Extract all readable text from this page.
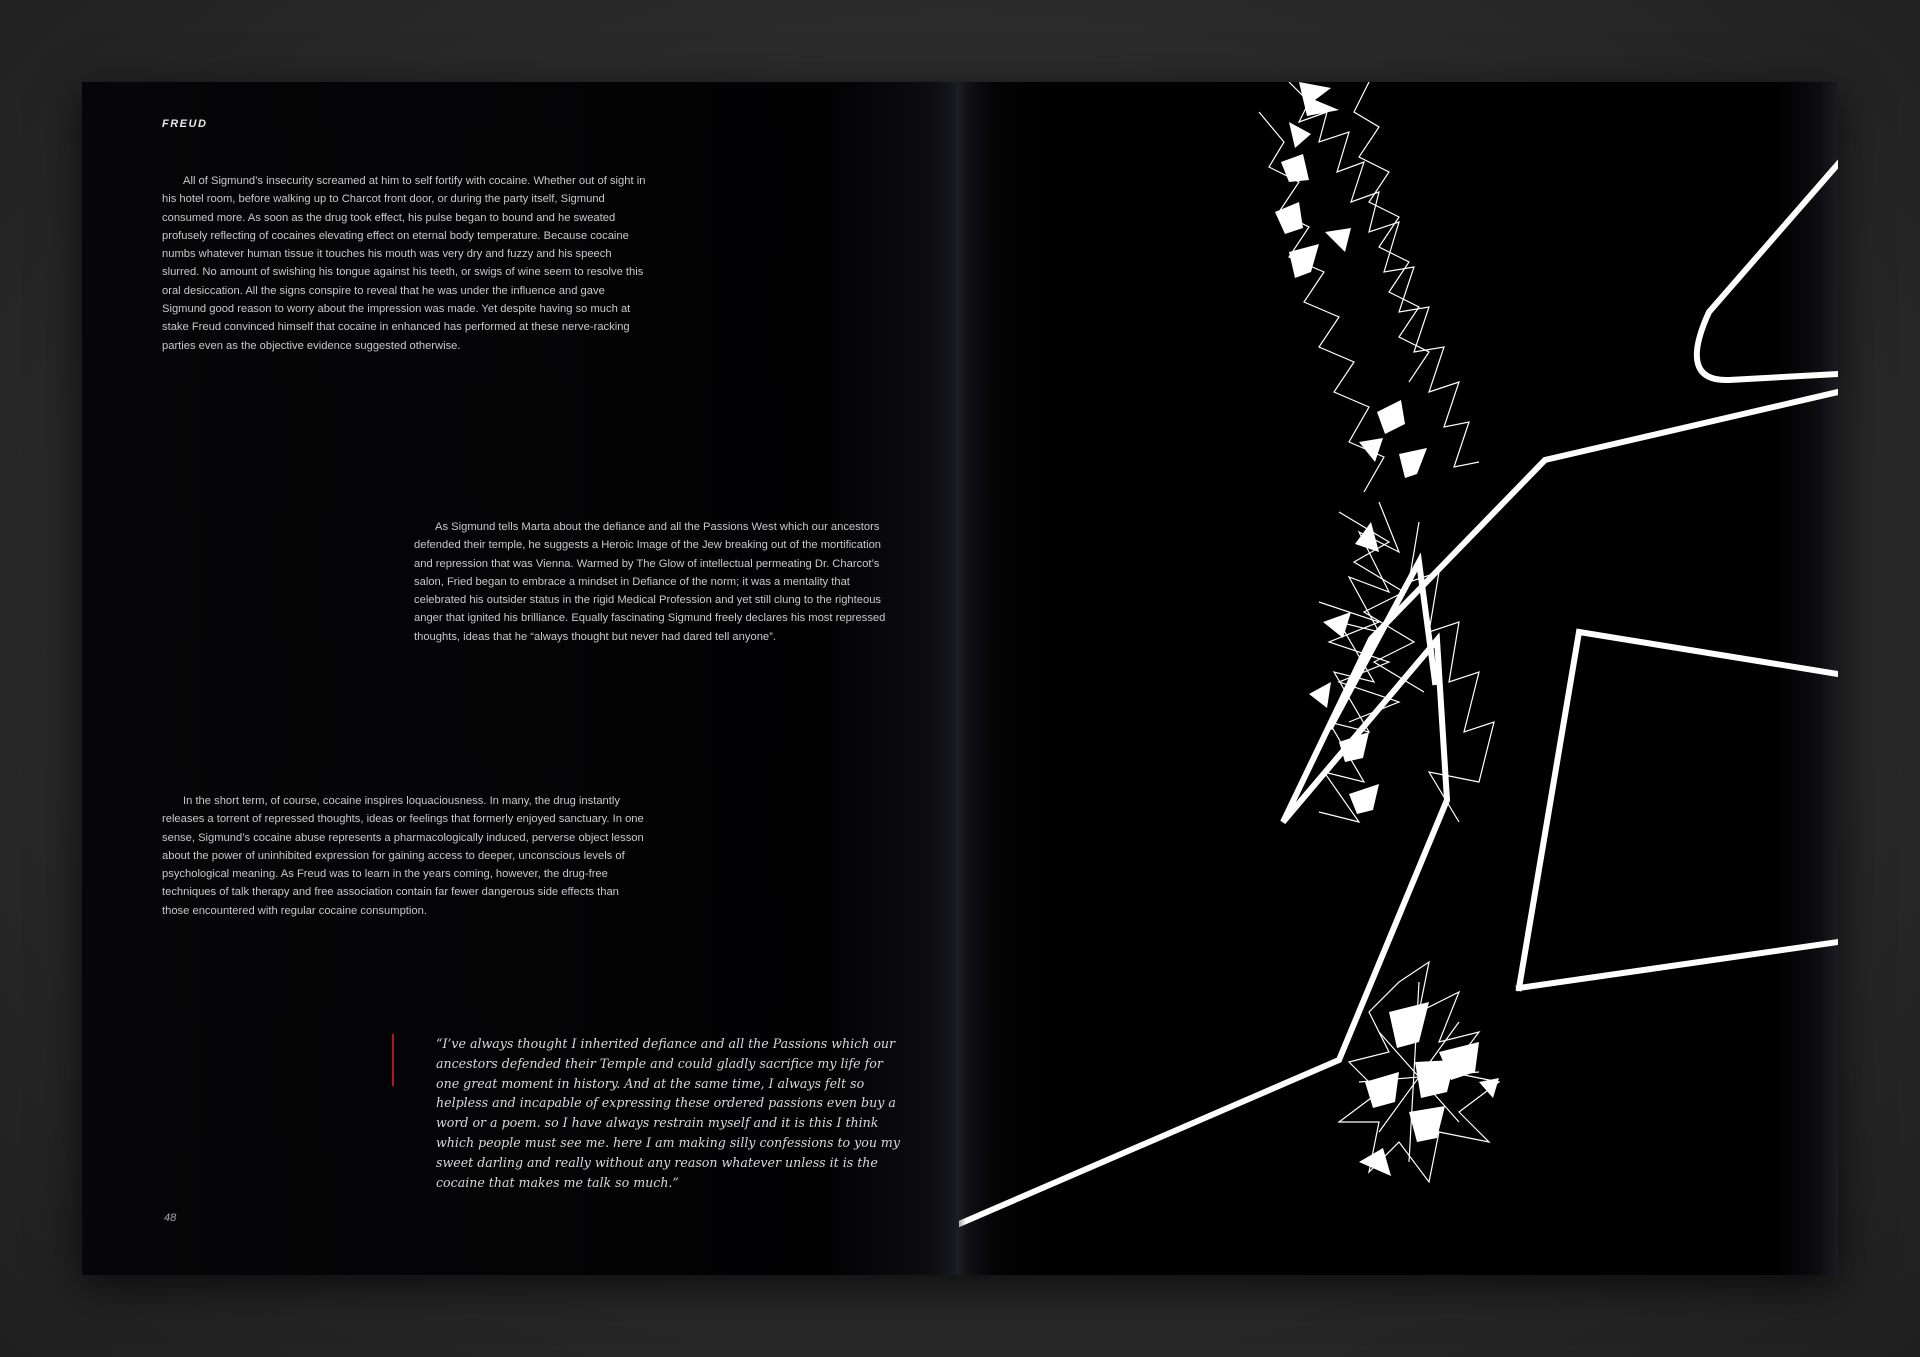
FREUD

All of Sigmund’s insecurity screamed at him to self fortify with cocaine. Whether out of sight in his hotel room, before walking up to Charcot front door, or during the party itself, Sigmund consumed more. As soon as the drug took effect, his pulse began to bound and he sweated profusely reflecting of cocaines elevating effect on eternal body temperature. Because cocaine numbs whatever human tissue it touches his mouth was very dry and fuzzy and his speech slurred. No amount of swishing his tongue against his teeth, or swigs of wine seem to resolve this oral desiccation. All the signs conspire to reveal that he was under the influence and gave Sigmund good reason to worry about the impression was made. Yet despite having so much at stake Freud convinced himself that cocaine in enhanced has performed at these nerve-racking parties even as the objective evidence suggested otherwise.

As Sigmund tells Marta about the defiance and all the Passions West which our ancestors defended their temple, he suggests a Heroic Image of the Jew breaking out of the mortification and repression that was Vienna. Warmed by The Glow of intellectual permeating Dr. Charcot’s salon, Fried began to embrace a mindset in Defiance of the norm; it was a mentality that celebrated his outsider status in the rigid Medical Profession and yet still clung to the righteous anger that ignited his brilliance. Equally fascinating Sigmund freely declares his most repressed thoughts, ideas that he “always thought but never had dared tell anyone”.

In the short term, of course, cocaine inspires loquaciousness. In many, the drug instantly releases a torrent of repressed thoughts, ideas or feelings that formerly enjoyed sanctuary. In one sense, Sigmund’s cocaine abuse represents a pharmacologically induced, perverse object lesson about the power of uninhibited expression for gaining access to deeper, unconscious levels of psychological meaning. As Freud was to learn in the years coming, however, the drug-free techniques of talk therapy and free association contain far fewer dangerous side effects than those encountered with regular cocaine consumption.

“I’ve always thought I inherited defiance and all the Passions which our ancestors defended their Temple and could gladly sacrifice my life for one great moment in history. And at the same time, I always felt so helpless and incapable of expressing these ordered passions even buy a word or a poem. so I have always restrain myself and it is this I think which people must see me. here I am making silly confessions to you my sweet darling and really without any reason whatever unless it is the cocaine that makes me talk so much.”

48
